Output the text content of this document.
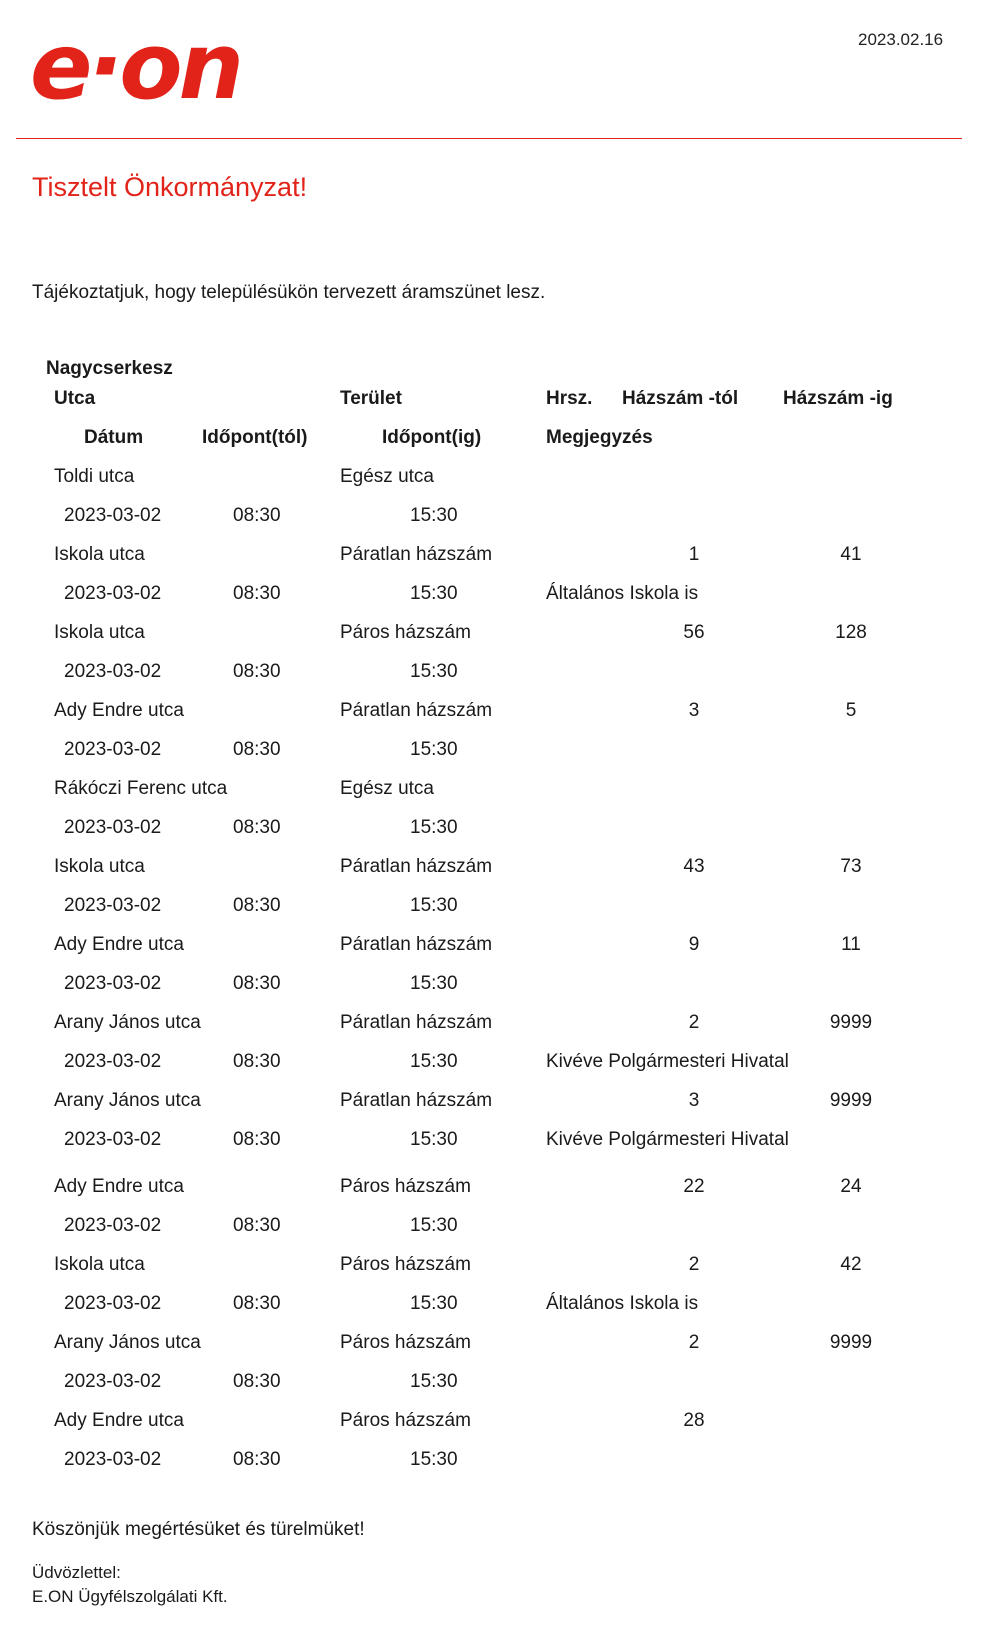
e·on	2023.02.16
Tisztelt Önkormányzat!

Tájékoztatjuk, hogy településükön tervezett áramszünet lesz.

Nagycserkesz
Utca	Terület	Hrsz. Házszám -tól Házszám -ig
Dátum	Időpont(tól)	Időpont(ig)	Megjegyzés
Toldi utca	Egész utca
2023-03-02	08:30	15:30
Iskola utca	Páratlan házszám	1	41
2023-03-02	08:30	15:30	Általános Iskola is
Iskola utca	Páros házszám	56	128
2023-03-02	08:30	15:30
Ady Endre utca	Páratlan házszám	3	5
2023-03-02	08:30	15:30
Rákóczi Ferenc utca	Egész utca
2023-03-02	08:30	15:30
Iskola utca	Páratlan házszám	43	73
2023-03-02	08:30	15:30
Ady Endre utca	Páratlan házszám	9	11
2023-03-02	08:30	15:30
Arany János utca	Páratlan házszám	2	9999
2023-03-02	08:30	15:30	Kivéve Polgármesteri Hivatal
Arany János utca	Páratlan házszám	3	9999
2023-03-02	08:30	15:30	Kivéve Polgármesteri Hivatal
Ady Endre utca	Páros házszám	22	24
2023-03-02	08:30	15:30
Iskola utca	Páros házszám	2	42
2023-03-02	08:30	15:30	Általános Iskola is
Arany János utca	Páros házszám	2	9999
2023-03-02	08:30	15:30
Ady Endre utca	Páros házszám	28
2023-03-02	08:30	15:30

Köszönjük megértésüket és türelmüket!

Üdvözlettel:
E.ON Ügyfélszolgálati Kft.
